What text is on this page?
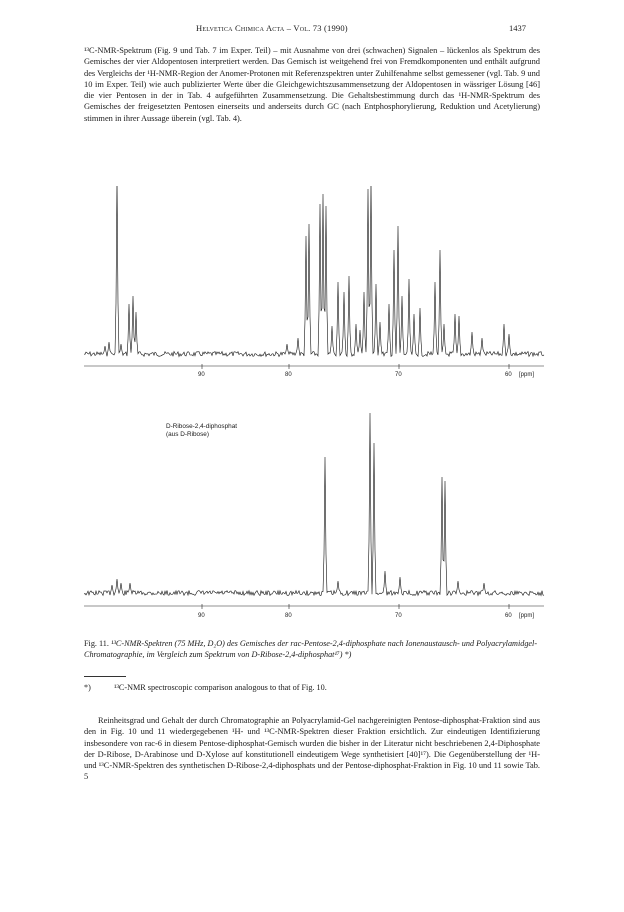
Helvetica Chimica Acta – Vol. 73 (1990)	1437
¹³C-NMR-Spektrum (Fig. 9 und Tab. 7 im Exper. Teil) – mit Ausnahme von drei (schwachen) Signalen – lückenlos als Spektrum des Gemisches der vier Aldopentosen interpretiert werden. Das Gemisch ist weitgehend frei von Fremdkomponenten und enthält aufgrund des Vergleichs der ¹H-NMR-Region der Anomer-Protonen mit Referenzspektren unter Zuhilfenahme selbst gemessener (vgl. Tab. 9 und 10 im Exper. Teil) wie auch publizierter Werte über die Gleichgewichtszusammensetzung der Aldopentosen in wässriger Lösung [46] die vier Pentosen in der in Tab. 4 aufgeführten Zusammensetzung. Die Gehaltsbestimmung durch das ¹H-NMR-Spektrum des Gemisches der freigesetzten Pentosen einerseits und anderseits durch GC (nach Entphosphorylierung, Reduktion und Acetylierung) stimmen in ihrer Aussage überein (vgl. Tab. 4).
90	80	70	60 [ppm]
D-Ribose-2,4-diphosphat
(aus D-Ribose)
90	80	70	60 [ppm]
Fig. 11. ¹³C-NMR-Spektren (75 MHz, D₂O) des Gemisches der rac-Pentose-2,4-diphosphate nach Ionenaustausch- und Polyacrylamidgel-Chromatographie, im Vergleich zum Spektrum von D-Ribose-2,4-diphosphat¹⁷) *)
*)	¹³C-NMR spectroscopic comparison analogous to that of Fig. 10.
Reinheitsgrad und Gehalt der durch Chromatographie an Polyacrylamid-Gel nachgereinigten Pentose-diphosphat-Fraktion sind aus den in Fig. 10 und 11 wiedergegebenen ¹H- und ¹³C-NMR-Spektren dieser Fraktion ersichtlich. Zur eindeutigen Identifizierung insbesondere von rac-6 in diesem Pentose-diphosphat-Gemisch wurden die bisher in der Literatur nicht beschriebenen 2,4-Diphosphate der D-Ribose, D-Arabinose und D-Xylose auf konstitutionell eindeutigem Wege synthetisiert [40]¹⁷). Die Gegenüberstellung der ¹H- und ¹³C-NMR-Spektren des synthetischen D-Ribose-2,4-diphosphats und der Pentose-diphosphat-Fraktion in Fig. 10 und 11 sowie Tab. 5
